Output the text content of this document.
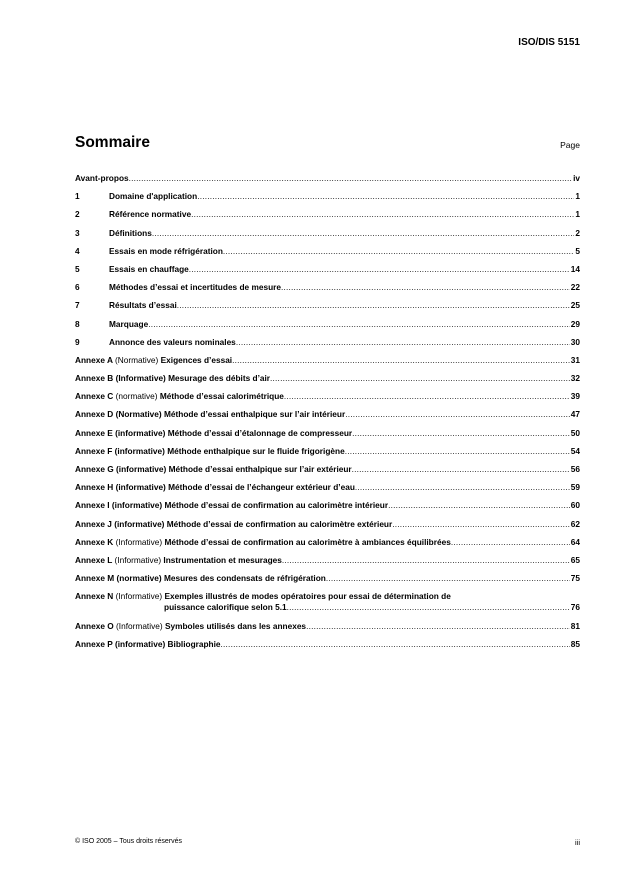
ISO/DIS 5151
Sommaire	Page
Avant-propos .....	iv
1	Domaine d'application .....	1
2	Référence normative .....	1
3	Définitions .....	2
4	Essais en mode réfrigération .....	5
5	Essais en chauffage .....	14
6	Méthodes d’essai et incertitudes de mesure .....	22
7	Résultats d’essai .....	25
8	Marquage .....	29
9	Annonce des valeurs nominales .....	30
Annexe A (Normative) Exigences d’essai .....	31
Annexe B (Informative) Mesurage des débits d’air .....	32
Annexe C (normative) Méthode d’essai calorimétrique .....	39
Annexe D (Normative) Méthode d’essai enthalpique sur l’air intérieur .....	47
Annexe E (informative) Méthode d’essai d’étalonnage de compresseur .....	50
Annexe F (informative) Méthode enthalpique sur le fluide frigorigène .....	54
Annexe G (informative) Méthode d’essai enthalpique sur l’air extérieur .....	56
Annexe H (informative) Méthode d’essai de l’échangeur extérieur d’eau .....	59
Annexe I (informative) Méthode d’essai de confirmation au calorimètre intérieur .....	60
Annexe J (informative) Méthode d’essai de confirmation au calorimètre extérieur .....	62
Annexe K (Informative) Méthode d’essai de confirmation au calorimètre à ambiances équilibrées .....	64
Annexe L (Informative) Instrumentation et mesurages .....	65
Annexe M (normative) Mesures des condensats de réfrigération .....	75
Annexe N (Informative) Exemples illustrés de modes opératoires pour essai de détermination de
puissance calorifique selon 5.1 .....	76
Annexe O (Informative) Symboles utilisés dans les annexes .....	81
Annexe P (informative) Bibliographie .....	85
© ISO 2005 – Tous droits réservés	iii
